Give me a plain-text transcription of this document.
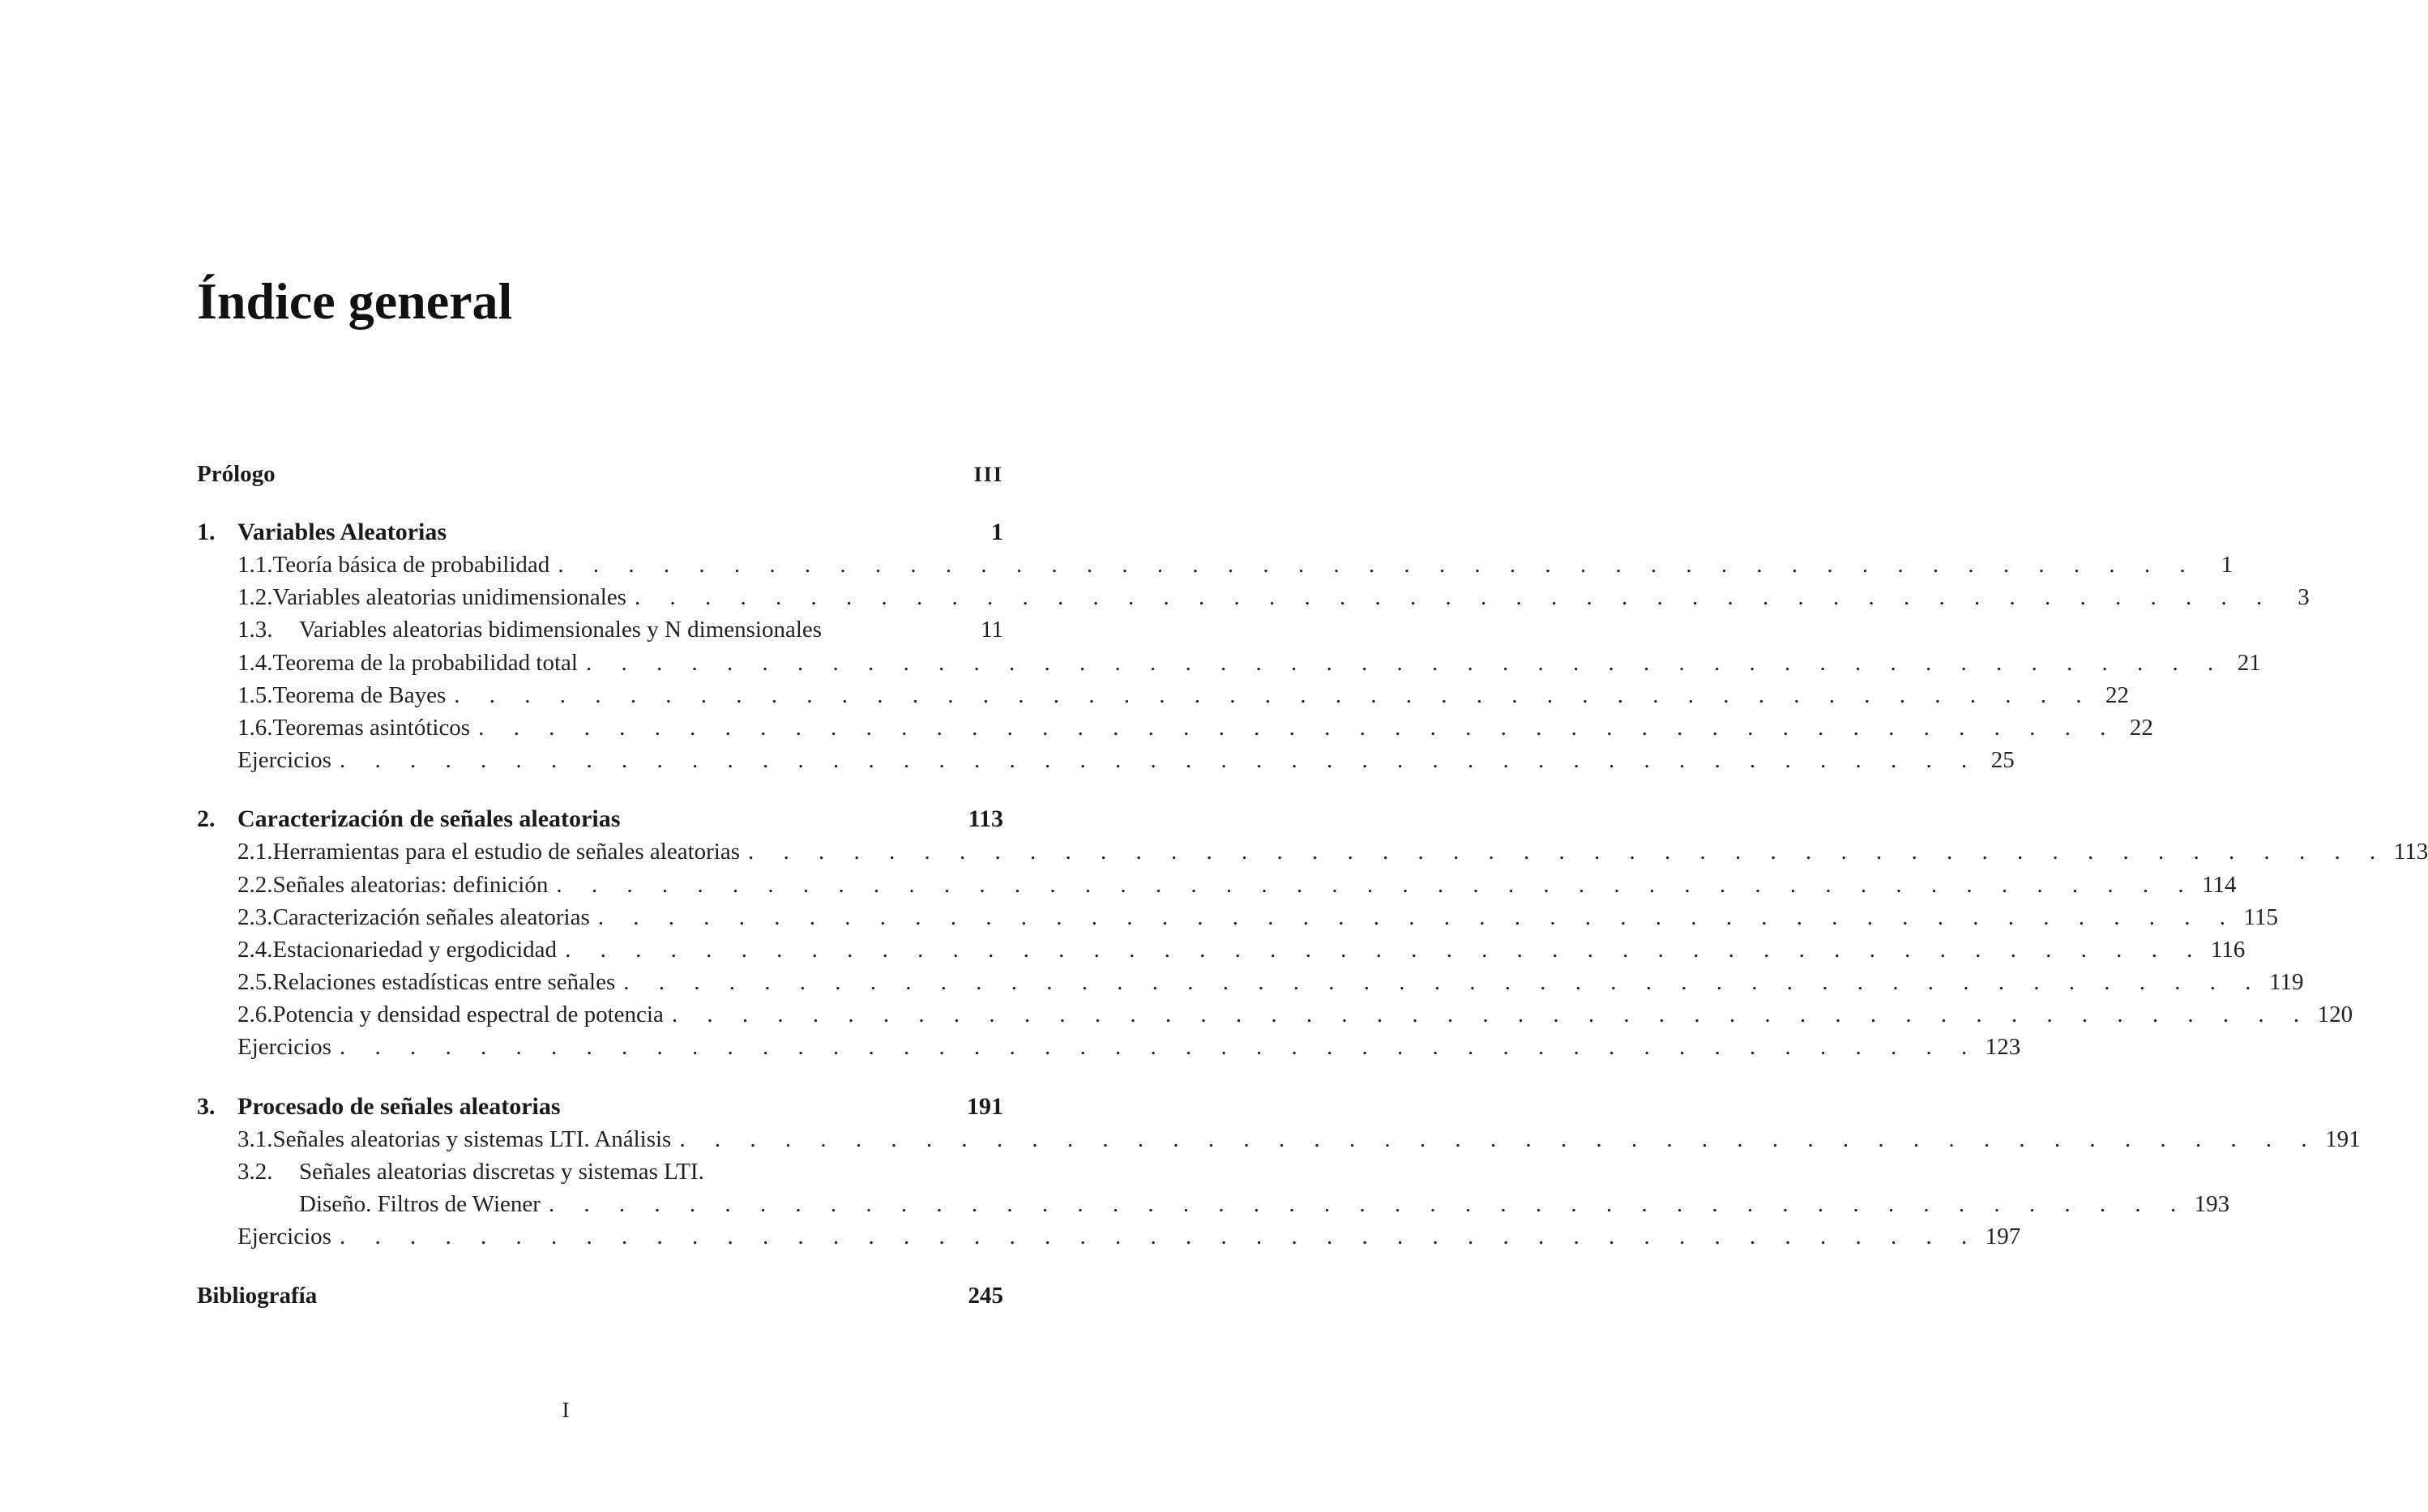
Índice general
Prólogo	III
1. Variables Aleatorias	1
1.1. Teoría básica de probabilidad . . . . . . . . . . . . . . . . . . . . . . . . . . . . . . . . . . . . . . . . . . . . . . .	1
1.2. Variables aleatorias unidimensionales . . . . . . . . . . . . . . . . . . . . . . . . . . . . . . . . . . . . . . . . . . . . . . .	3
1.3.	Variables aleatorias bidimensionales y N dimensionales	11
1.4. Teorema de la probabilidad total . . . . . . . . . . . . . . . . . . . . . . . . . . . . . . . . . . . . . . . . . . . . . . . 21
1.5. Teorema de Bayes . . . . . . . . . . . . . . . . . . . . . . . . . . . . . . . . . . . . . . . . . . . . . . . 22
1.6. Teoremas asintóticos . . . . . . . . . . . . . . . . . . . . . . . . . . . . . . . . . . . . . . . . . . . . . . . 22
Ejercicios . . . . . . . . . . . . . . . . . . . . . . . . . . . . . . . . . . . . . . . . . . . . . . . 25
2. Caracterización de señales aleatorias	113
2.1. Herramientas para el estudio de señales aleatorias . . . . . . . . . . . . . . . . . . . . . . . . . . . . . . . . . . . . . . . . . . . . . . . 113
2.2. Señales aleatorias: definición . . . . . . . . . . . . . . . . . . . . . . . . . . . . . . . . . . . . . . . . . . . . . . . 114
2.3. Caracterización señales aleatorias . . . . . . . . . . . . . . . . . . . . . . . . . . . . . . . . . . . . . . . . . . . . . . . 115
2.4. Estacionariedad y ergodicidad . . . . . . . . . . . . . . . . . . . . . . . . . . . . . . . . . . . . . . . . . . . . . . . 116
2.5. Relaciones estadísticas entre señales . . . . . . . . . . . . . . . . . . . . . . . . . . . . . . . . . . . . . . . . . . . . . . . 119
2.6. Potencia y densidad espectral de potencia . . . . . . . . . . . . . . . . . . . . . . . . . . . . . . . . . . . . . . . . . . . . . . . 120
Ejercicios . . . . . . . . . . . . . . . . . . . . . . . . . . . . . . . . . . . . . . . . . . . . . . . 123
3. Procesado de señales aleatorias	191
3.1. Señales aleatorias y sistemas LTI. Análisis . . . . . . . . . . . . . . . . . . . . . . . . . . . . . . . . . . . . . . . . . . . . . . . 191
3.2.	Señales aleatorias discretas y sistemas LTI.
Diseño. Filtros de Wiener . . . . . . . . . . . . . . . . . . . . . . . . . . . . . . . . . . . . . . . . . . . . . . . 193
Ejercicios . . . . . . . . . . . . . . . . . . . . . . . . . . . . . . . . . . . . . . . . . . . . . . . 197
Bibliografía	245
I
